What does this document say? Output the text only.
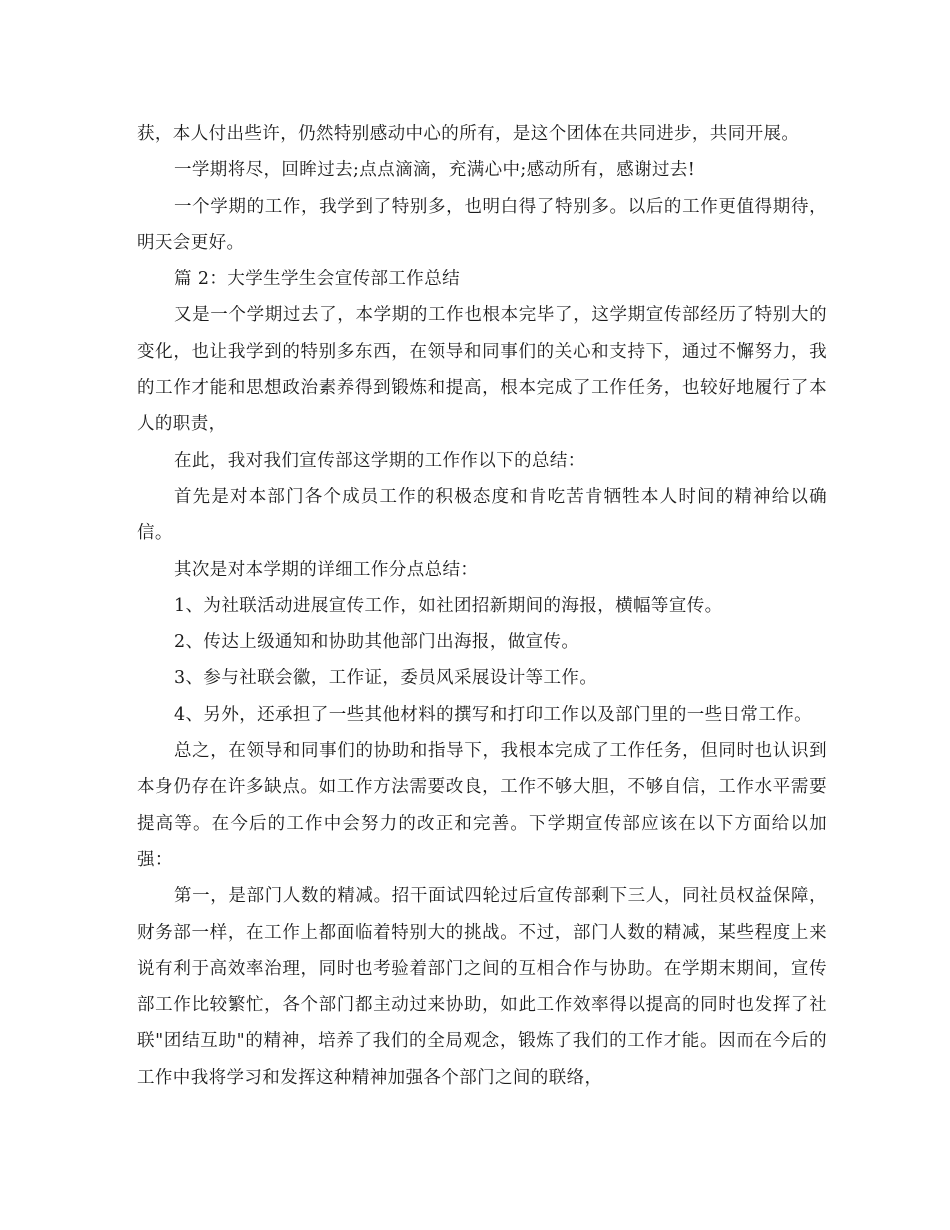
获，本人付出些许，仍然特别感动中心的所有，是这个团体在共同进步，共同开展。

一学期将尽，回眸过去;点点滴滴，充满心中;感动所有，感谢过去!

一个学期的工作，我学到了特别多，也明白得了特别多。以后的工作更值得期待，明天会更好。

篇 2：大学生学生会宣传部工作总结

又是一个学期过去了，本学期的工作也根本完毕了，这学期宣传部经历了特别大的变化，也让我学到的特别多东西，在领导和同事们的关心和支持下，通过不懈努力，我的工作才能和思想政治素养得到锻炼和提高，根本完成了工作任务，也较好地履行了本人的职责，

在此，我对我们宣传部这学期的工作作以下的总结：

首先是对本部门各个成员工作的积极态度和肯吃苦肯牺牲本人时间的精神给以确信。

其次是对本学期的详细工作分点总结：

1、为社联活动进展宣传工作，如社团招新期间的海报，横幅等宣传。

2、传达上级通知和协助其他部门出海报，做宣传。

3、参与社联会徽，工作证，委员风采展设计等工作。

4、另外，还承担了一些其他材料的撰写和打印工作以及部门里的一些日常工作。

总之，在领导和同事们的协助和指导下，我根本完成了工作任务，但同时也认识到本身仍存在许多缺点。如工作方法需要改良，工作不够大胆，不够自信，工作水平需要提高等。在今后的工作中会努力的改正和完善。下学期宣传部应该在以下方面给以加强：

第一，是部门人数的精减。招干面试四轮过后宣传部剩下三人，同社员权益保障，财务部一样，在工作上都面临着特别大的挑战。不过，部门人数的精减，某些程度上来说有利于高效率治理，同时也考验着部门之间的互相合作与协助。在学期末期间，宣传部工作比较繁忙，各个部门都主动过来协助，如此工作效率得以提高的同时也发挥了社联"团结互助"的精神，培养了我们的全局观念，锻炼了我们的工作才能。因而在今后的工作中我将学习和发挥这种精神加强各个部门之间的联络，
